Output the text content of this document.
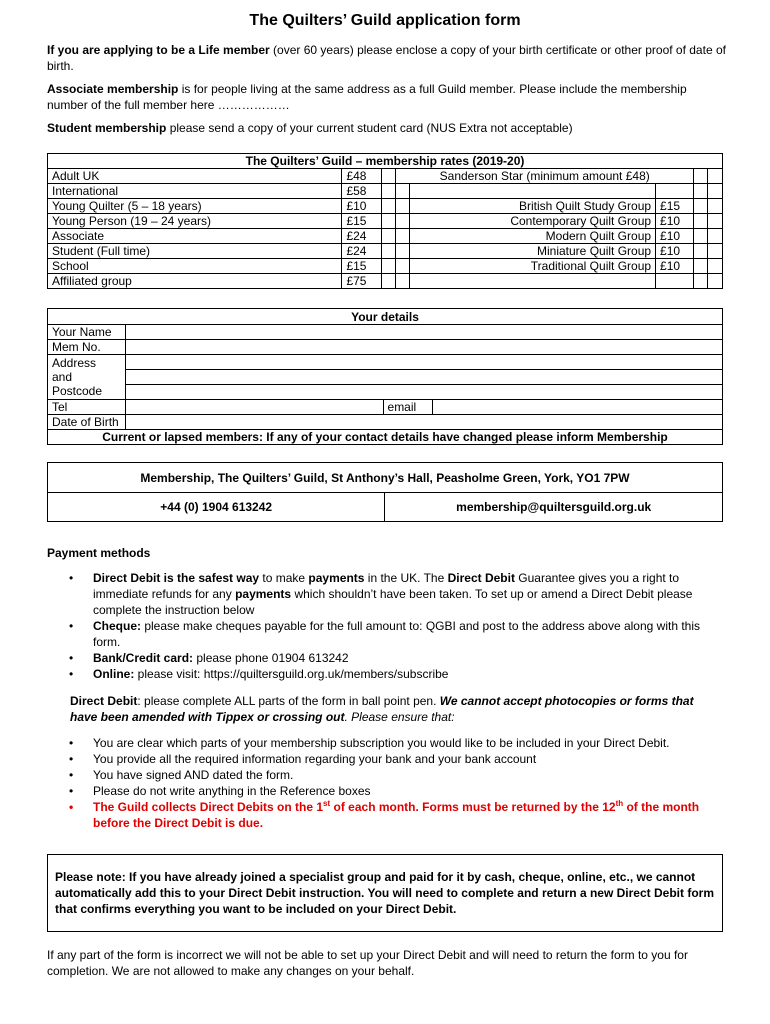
The Quilters’ Guild application form
If you are applying to be a Life member (over 60 years) please enclose a copy of your birth certificate or other proof of date of birth.
Associate membership is for people living at the same address as a full Guild member. Please include the membership number of the full member here ………………
Student membership please send a copy of your current student card (NUS Extra not acceptable)
The Quilters’ Guild – membership rates (2019-20)							
Adult UK	£48		Sanderson Star (minimum amount £48)				
International	£58						
Young Quilter (5 – 18 years)	£10			British Quilt Study Group	£15		
Young Person (19 – 24 years)	£15			Contemporary Quilt Group	£10		
Associate	£24			Modern Quilt Group	£10		
Student (Full time)	£24			Miniature Quilt Group	£10		
School	£15			Traditional Quilt Group	£10		
Affiliated group	£75						
Your details			
Your Name			
Mem No.			

Address
and
Postcode			

Tel		email	
Date of Birth			
Current or lapsed members: If any of your contact details have changed please inform Membership			
Membership, The Quilters’ Guild, St Anthony’s Hall, Peasholme Green, York, YO1 7PW
+44 (0) 1904 613242	membership@quiltersguild.org.uk
Payment methods
• Direct Debit is the safest way to make payments in the UK. The Direct Debit Guarantee gives you a right to immediate refunds for any payments which shouldn’t have been taken. To set up or amend a Direct Debit please complete the instruction below
• Cheque: please make cheques payable for the full amount to: QGBI and post to the address above along with this form.
• Bank/Credit card: please phone 01904 613242
• Online: please visit: https://quiltersguild.org.uk/members/subscribe
Direct Debit: please complete ALL parts of the form in ball point pen. We cannot accept photocopies or forms that have been amended with Tippex or crossing out. Please ensure that:
• You are clear which parts of your membership subscription you would like to be included in your Direct Debit.
• You provide all the required information regarding your bank and your bank account
• You have signed AND dated the form.
• Please do not write anything in the Reference boxes
• The Guild collects Direct Debits on the 1st of each month. Forms must be returned by the 12th of the month before the Direct Debit is due.
Please note: If you have already joined a specialist group and paid for it by cash, cheque, online, etc., we cannot automatically add this to your Direct Debit instruction. You will need to complete and return a new Direct Debit form that confirms everything you want to be included on your Direct Debit.
If any part of the form is incorrect we will not be able to set up your Direct Debit and will need to return the form to you for completion. We are not allowed to make any changes on your behalf.
